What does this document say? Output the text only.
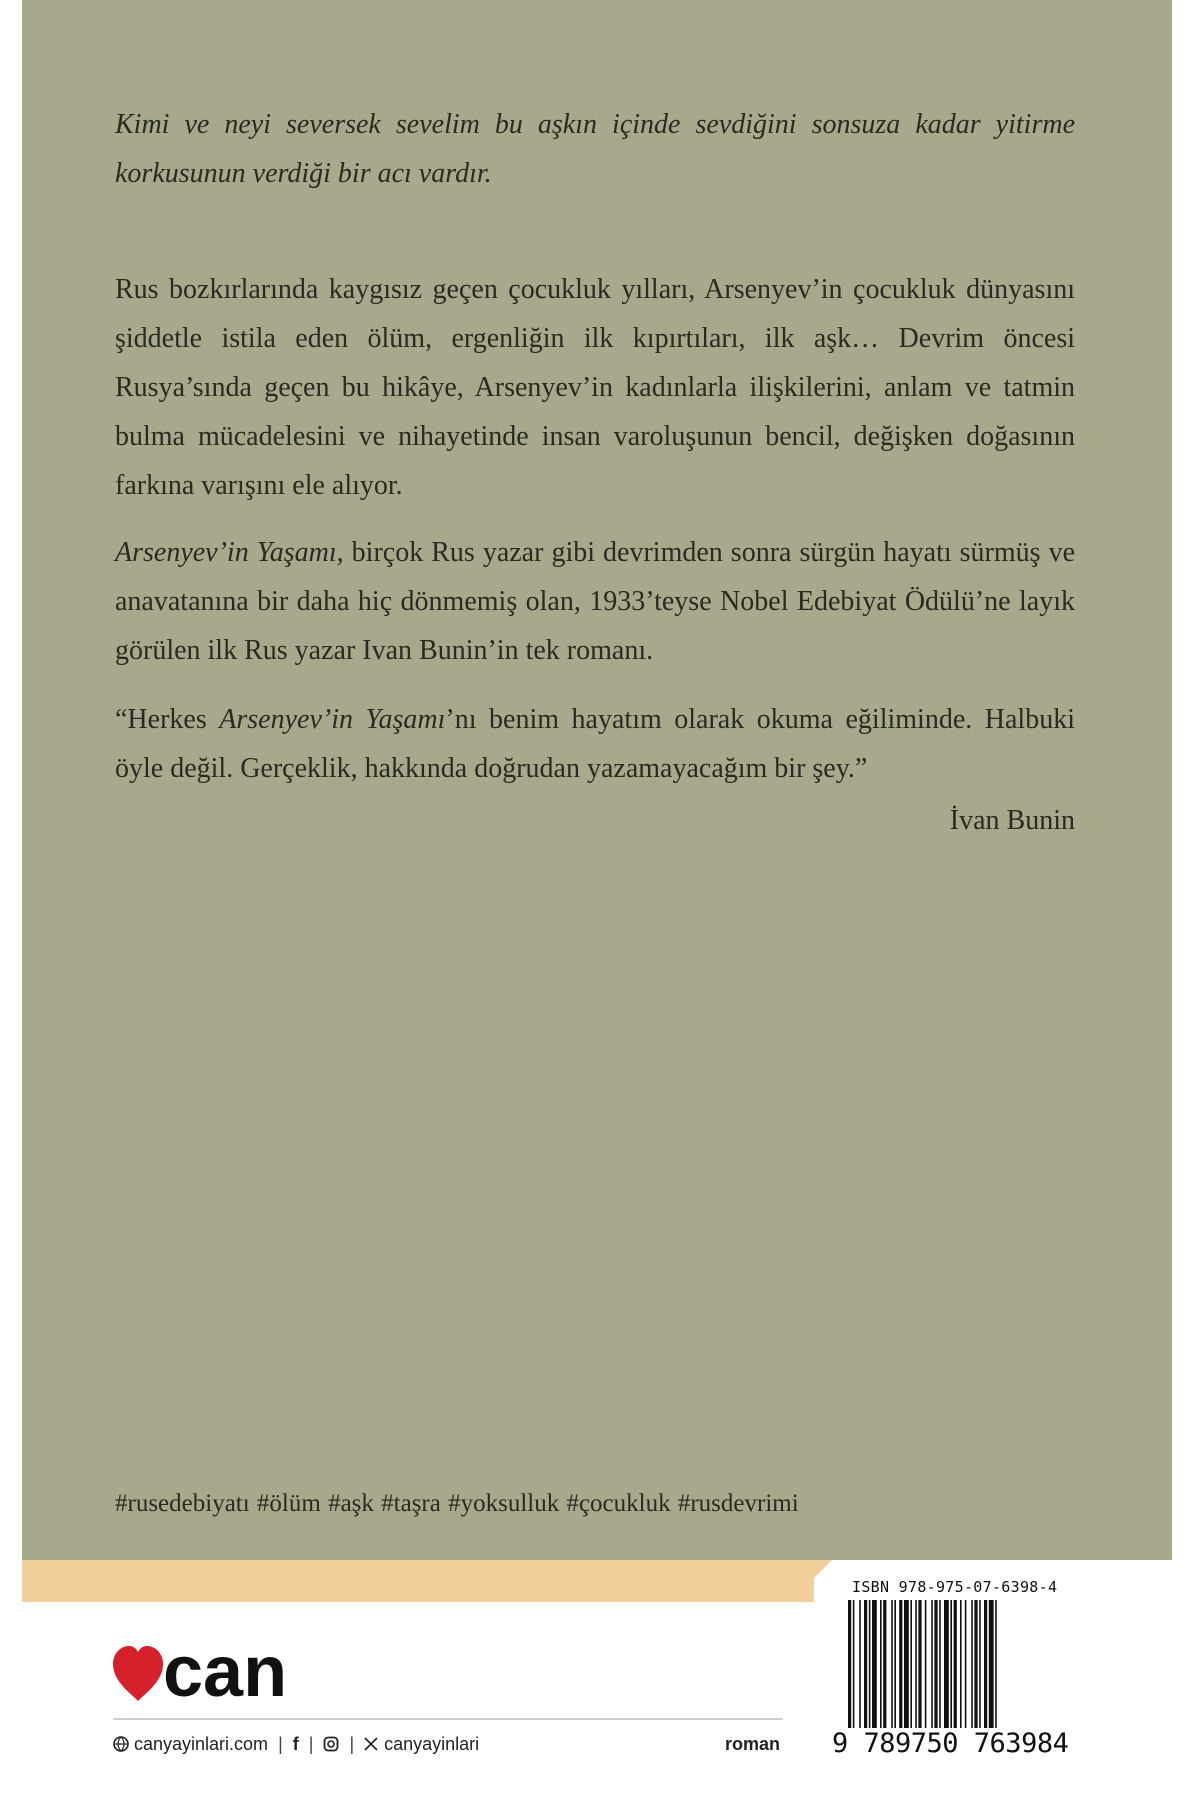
Kimi ve neyi seversek sevelim bu aşkın içinde sevdiğini sonsuza kadar yitirme korkusunun verdiği bir acı vardır.
Rus bozkırlarında kaygısız geçen çocukluk yılları, Arsenyev’in çocukluk dünyasını şiddetle istila eden ölüm, ergenliğin ilk kıpırtıları, ilk aşk… Devrim öncesi Rusya’sında geçen bu hikâye, Arsenyev’in kadınlarla ilişkilerini, anlam ve tatmin bulma mücadelesini ve nihayetinde insan varoluşunun bencil, değişken doğasının farkına varışını ele alıyor.
Arsenyev’in Yaşamı, birçok Rus yazar gibi devrimden sonra sürgün hayatı sürmüş ve anavatanına bir daha hiç dönmemiş olan, 1933’teyse Nobel Edebiyat Ödülü’ne layık görülen ilk Rus yazar Ivan Bunin’in tek romanı.
“Herkes Arsenyev’in Yaşamı’nı benim hayatım olarak okuma eğiliminde. Halbuki öyle değil. Gerçeklik, hakkında doğrudan yazamayacağım bir şey.”
İvan Bunin
#rusedebiyatı #ölüm #aşk #taşra #yoksulluk #çocukluk #rusdevrimi
can
canyayinlari.com | f | | canyayinlari	roman
ISBN 978-975-07-6398-4
9 789750 763984
